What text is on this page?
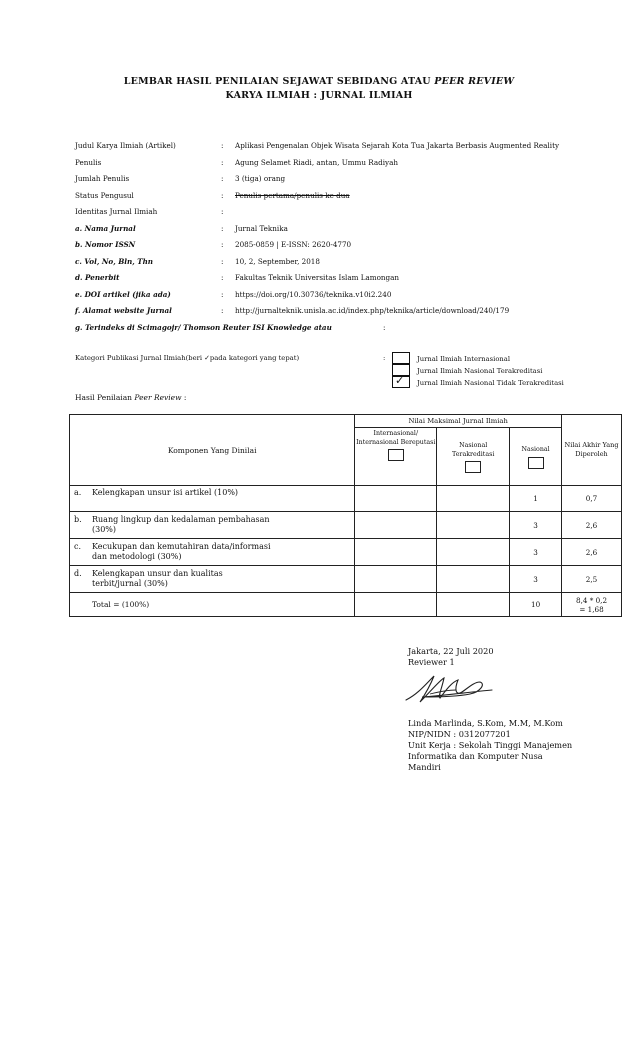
LEMBAR HASIL PENILAIAN SEJAWAT SEBIDANG ATAU PEER REVIEW
KARYA ILMIAH : JURNAL ILMIAH
Judul Karya Ilmiah (Artikel)	:	Aplikasi Pengenalan Objek Wisata Sejarah Kota Tua Jakarta Berbasis Augmented Reality
Penulis	:	Agung Selamet Riadi, antan, Ummu Radiyah
Jumlah Penulis	:	3 (tiga) orang
Status Pengusul	:	Penulis pertama/penulis ke dua
Identitas Jurnal Ilmiah	:
a. Nama Jurnal	:	Jurnal Teknika
b. Nomor ISSN	:	2085-0859 | E-ISSN: 2620-4770
c. Vol, No, Bln, Thn	:	10, 2, September, 2018
d. Penerbit	:	Fakultas Teknik Universitas Islam Lamongan
e. DOI artikel (jika ada)	:	https://doi.org/10.30736/teknika.v10i2.240
f. Alamat website Jurnal	:	http://jurnalteknik.unisla.ac.id/index.php/teknika/article/download/240/179
g. Terindeks di Scimagojr/ Thomson Reuter ISI Knowledge atau	:
Kategori Publikasi Jurnal Ilmiah(beri ✓pada kategori yang tepat)	:	Jurnal Ilmiah Internasional
Jurnal Ilmiah Nasional Terakreditasi
✓ Jurnal Ilmiah Nasional Tidak Terakreditasi
Hasil Penilaian Peer Review :
Komponen Yang Dinilai	Nilai Maksimal Jurnal Ilmiah			Nilai Akhir Yang Diperoleh

	Internasional/ Internasional Bereputasi	Nasional Terakreditasi	Nasional	

a. Kelengkapan unsur isi artikel (10%)			1	0,7

b. Ruang lingkup dan kedalaman pembahasan
(30%)			3	2,6

c. Kecukupan dan kemutahiran data/informasi
dan metodologi (30%)			3	2,6

d. Kelengkapan unsur dan kualitas
terbit/jurnal (30%)			3	2,5
Total = (100%)			10	8,4 * 0,2
= 1,68
Jakarta, 22 Juli 2020
Reviewer 1
Linda Marlinda, S.Kom, M.M, M.Kom
NIP/NIDN : 0312077201
Unit Kerja : Sekolah Tinggi Manajemen
Informatika dan Komputer Nusa
Mandiri
